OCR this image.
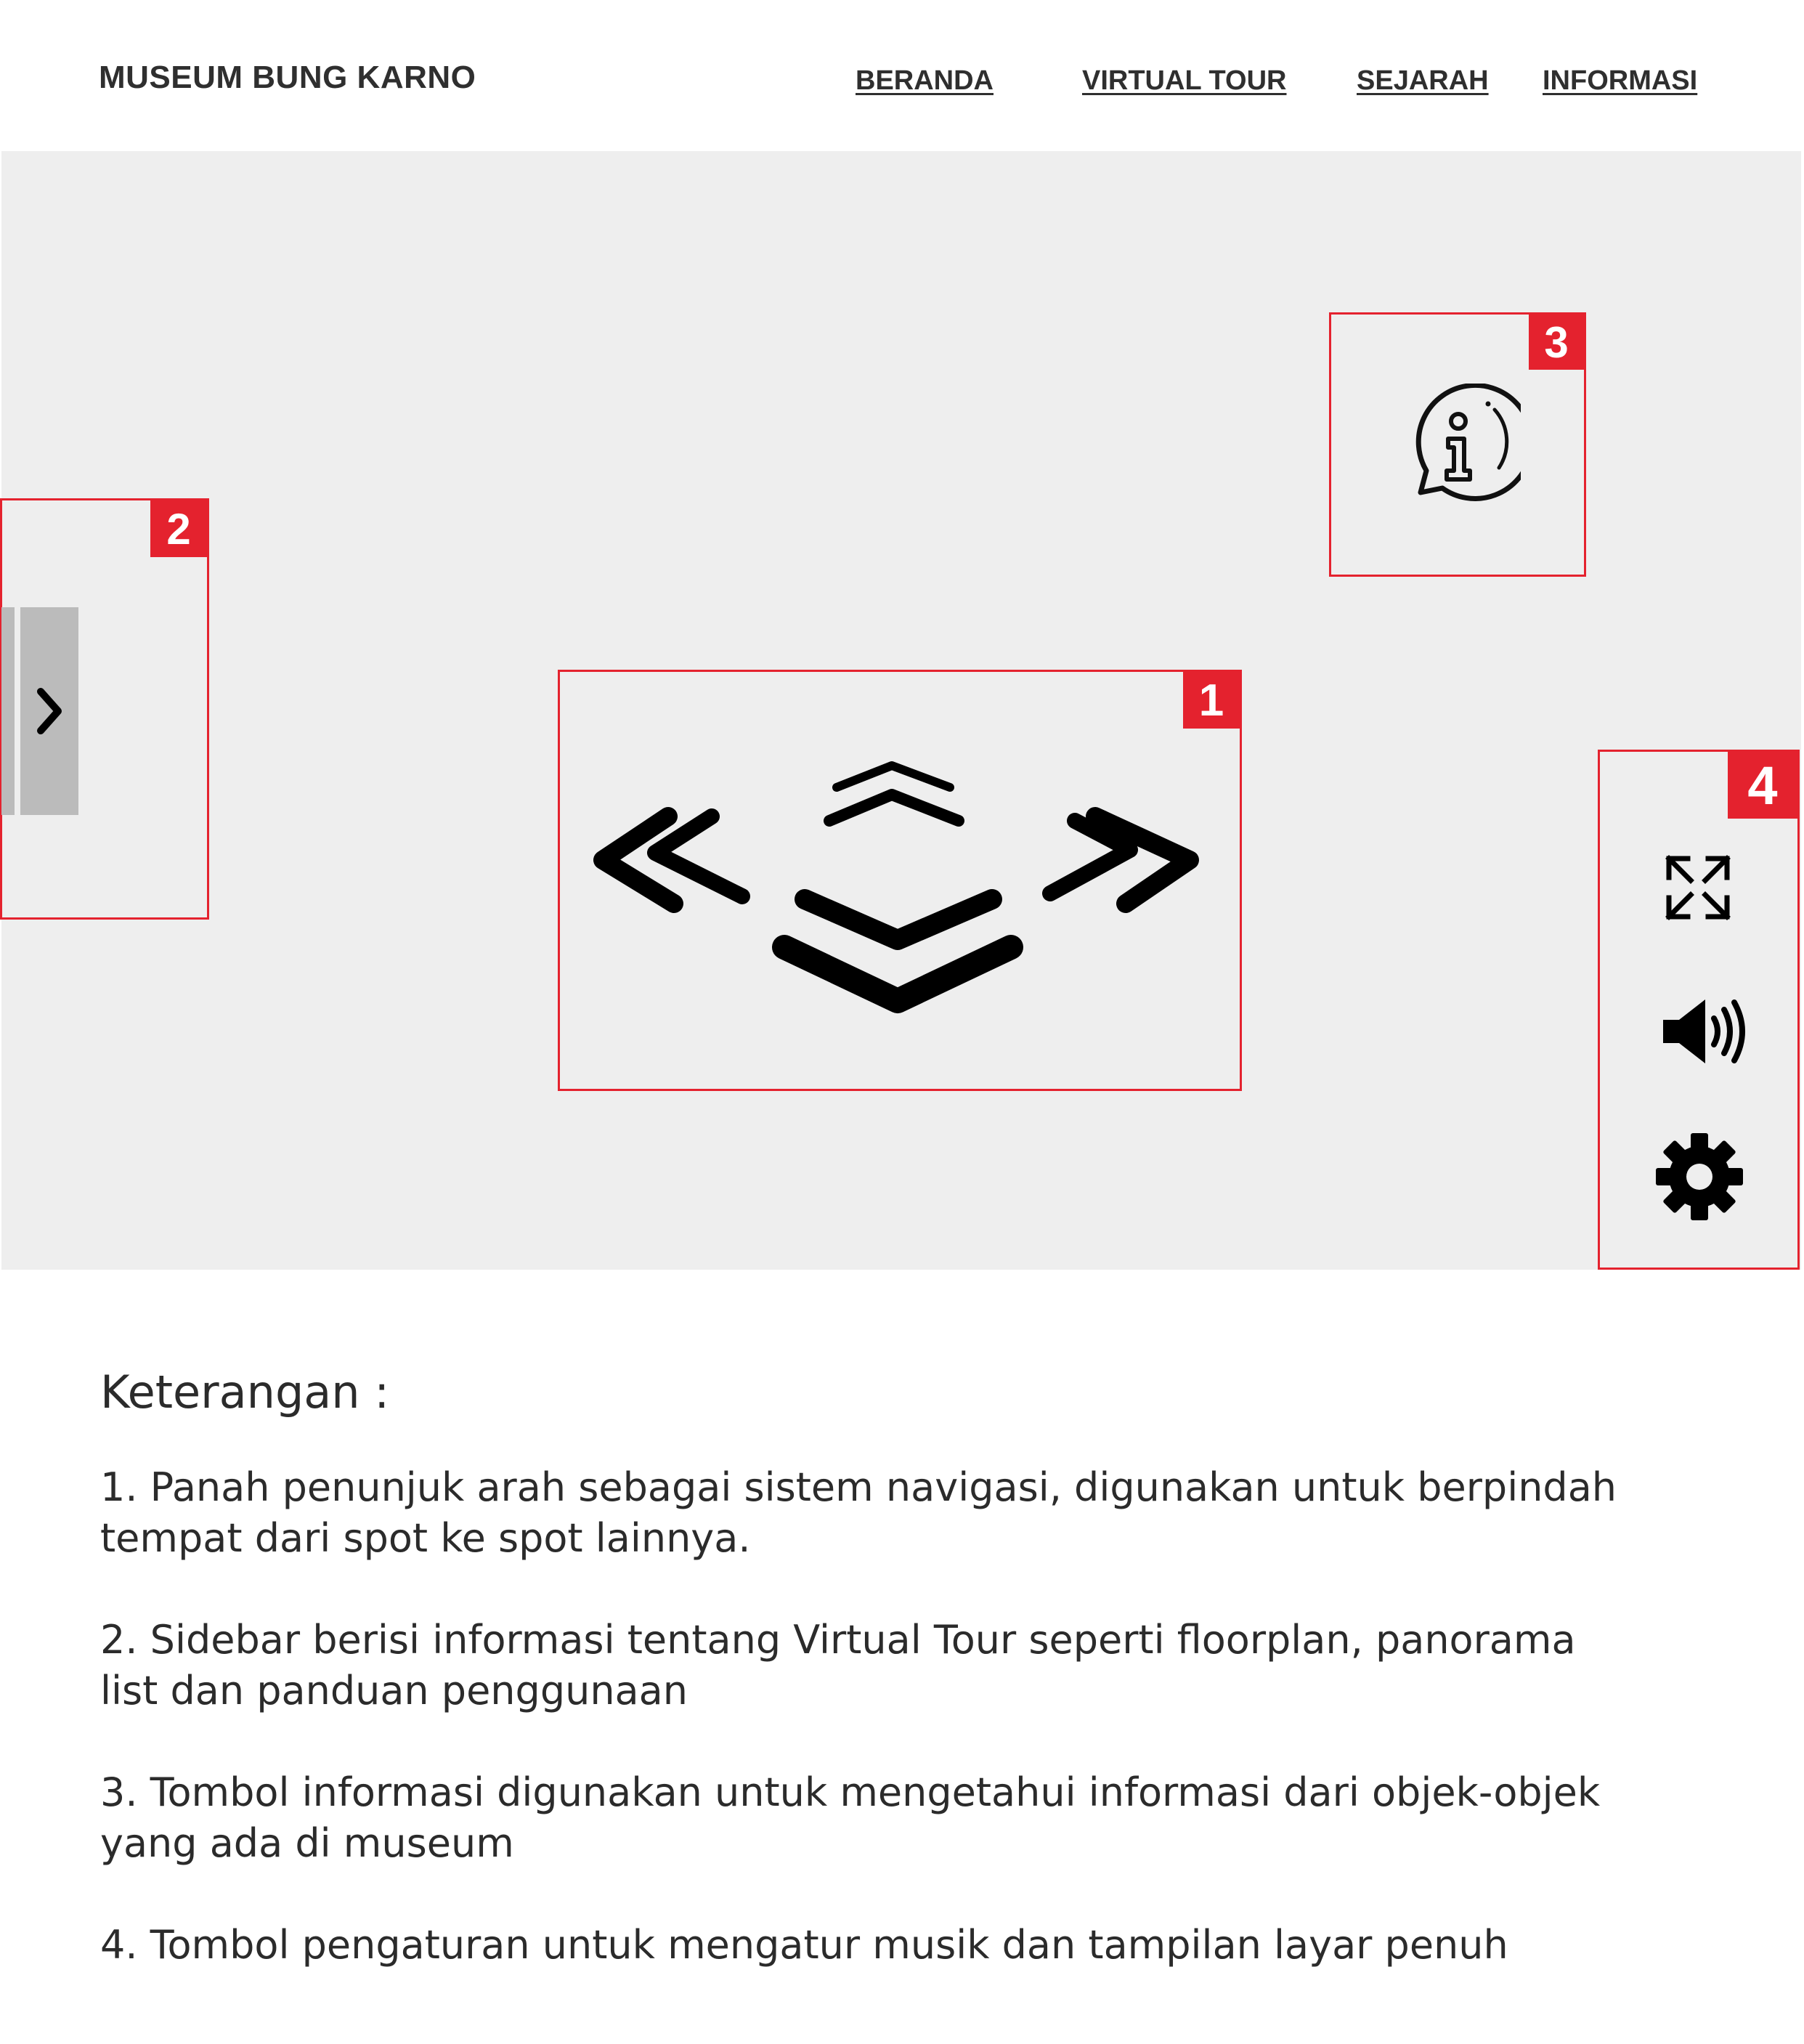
MUSEUM BUNG KARNO	BERANDA	VIRTUAL TOUR	SEJARAH INFORMASI
2
3
1
4
Keterangan :

1. Panah penunjuk arah sebagai sistem navigasi, digunakan untuk berpindah tempat dari spot ke spot lainnya.

2. Sidebar berisi informasi tentang Virtual Tour seperti floorplan, panorama list dan panduan penggunaan

3. Tombol informasi digunakan untuk mengetahui informasi dari objek-objek yang ada di museum

4. Tombol pengaturan untuk mengatur musik dan tampilan layar penuh
